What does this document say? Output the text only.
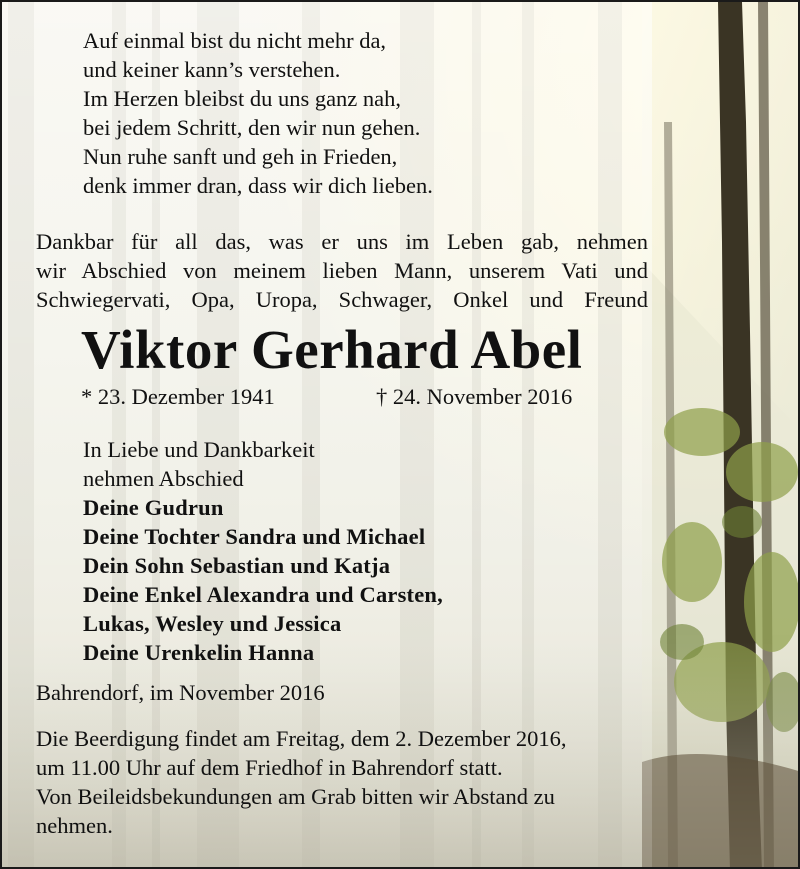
Auf einmal bist du nicht mehr da,
und keiner kann’s verstehen.
Im Herzen bleibst du uns ganz nah,
bei jedem Schritt, den wir nun gehen.
Nun ruhe sanft und geh in Frieden,
denk immer dran, dass wir dich lieben.
Dankbar für all das, was er uns im Leben gab, nehmen
wir Abschied von meinem lieben Mann, unserem Vati und
Schwiegervati, Opa, Uropa, Schwager, Onkel und Freund
Viktor Gerhard Abel
* 23. Dezember 1941	† 24. November 2016
In Liebe und Dankbarkeit
nehmen Abschied
Deine Gudrun
Deine Tochter Sandra und Michael
Dein Sohn Sebastian und Katja
Deine Enkel Alexandra und Carsten,
Lukas, Wesley und Jessica
Deine Urenkelin Hanna
Bahrendorf, im November 2016
Die Beerdigung findet am Freitag, dem 2. Dezember 2016,
um 11.00 Uhr auf dem Friedhof in Bahrendorf statt.
Von Beileidsbekundungen am Grab bitten wir Abstand zu
nehmen.
